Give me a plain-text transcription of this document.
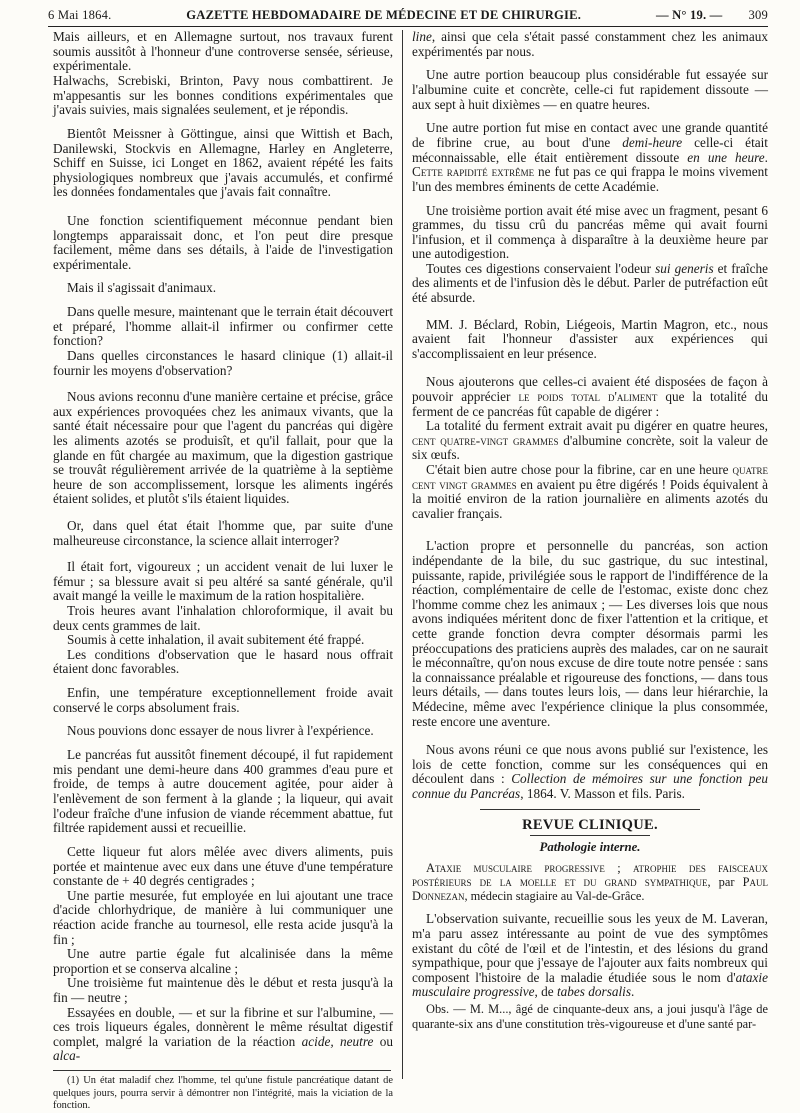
6 Mai 1864.	GAZETTE HEBDOMADAIRE DE MÉDECINE ET DE CHIRURGIE.	— N° 19. — 309

Mais ailleurs, et en Allemagne surtout, nos travaux furent soumis aussitôt à l'honneur d'une controverse sensée, sérieuse, expérimentale.

Halwachs, Screbiski, Brinton, Pavy nous combattirent. Je m'appesantis sur les bonnes conditions expérimentales que j'avais suivies, mais signalées seulement, et je répondis.

Bientôt Meissner à Göttingue, ainsi que Wittish et Bach, Danilewski, Stockvis en Allemagne, Harley en Angleterre, Schiff en Suisse, ici Longet en 1862, avaient répété les faits physiologiques nombreux que j'avais accumulés, et confirmé les données fondamentales que j'avais fait connaître.

Une fonction scientifiquement méconnue pendant bien longtemps apparaissait donc, et l'on peut dire presque facilement, même dans ses détails, à l'aide de l'investigation expérimentale.

Mais il s'agissait d'animaux.

Dans quelle mesure, maintenant que le terrain était découvert et préparé, l'homme allait-il infirmer ou confirmer cette fonction?

Dans quelles circonstances le hasard clinique (1) allait-il fournir les moyens d'observation?

Nous avions reconnu d'une manière certaine et précise, grâce aux expériences provoquées chez les animaux vivants, que la santé était nécessaire pour que l'agent du pancréas qui digère les aliments azotés se produisît, et qu'il fallait, pour que la glande en fût chargée au maximum, que la digestion gastrique se trouvât régulièrement arrivée de la quatrième à la septième heure de son accomplissement, lorsque les aliments ingérés étaient solides, et plutôt s'ils étaient liquides.

Or, dans quel état était l'homme que, par suite d'une malheureuse circonstance, la science allait interroger?

Il était fort, vigoureux ; un accident venait de lui luxer le fémur ; sa blessure avait si peu altéré sa santé générale, qu'il avait mangé la veille le maximum de la ration hospitalière.

Trois heures avant l'inhalation chloroformique, il avait bu deux cents grammes de lait.

Soumis à cette inhalation, il avait subitement été frappé.

Les conditions d'observation que le hasard nous offrait étaient donc favorables.

Enfin, une température exceptionnellement froide avait conservé le corps absolument frais.

Nous pouvions donc essayer de nous livrer à l'expérience.

Le pancréas fut aussitôt finement découpé, il fut rapidement mis pendant une demi-heure dans 400 grammes d'eau pure et froide, de temps à autre doucement agitée, pour aider à l'enlèvement de son ferment à la glande ; la liqueur, qui avait l'odeur fraîche d'une infusion de viande récemment abattue, fut filtrée rapidement aussi et recueillie.

Cette liqueur fut alors mêlée avec divers aliments, puis portée et maintenue avec eux dans une étuve d'une température constante de + 40 degrés centigrades ;

Une partie mesurée, fut employée en lui ajoutant une trace d'acide chlorhydrique, de manière à lui communiquer une réaction acide franche au tournesol, elle resta acide jusqu'à la fin ;

Une autre partie égale fut alcalinisée dans la même proportion et se conserva alcaline ;

Une troisième fut maintenue dès le début et resta jusqu'à la fin — neutre ;

Essayées en double, — et sur la fibrine et sur l'albumine, — ces trois liqueurs égales, donnèrent le même résultat digestif complet, malgré la variation de la réaction acide, neutre ou alca-

(1) Un état maladif chez l'homme, tel qu'une fistule pancréatique datant de quelques jours, pourra servir à démontrer non l'intégrité, mais la viciation de la fonction.

line, ainsi que cela s'était passé constamment chez les animaux expérimentés par nous.

Une autre portion beaucoup plus considérable fut essayée sur l'albumine cuite et concrète, celle-ci fut rapidement dissoute — aux sept à huit dixièmes — en quatre heures.

Une autre portion fut mise en contact avec une grande quantité de fibrine crue, au bout d'une demi-heure celle-ci était méconnaissable, elle était entièrement dissoute en une heure. Cette rapidité extrême ne fut pas ce qui frappa le moins vivement l'un des membres éminents de cette Académie.

Une troisième portion avait été mise avec un fragment, pesant 6 grammes, du tissu crû du pancréas même qui avait fourni l'infusion, et il commença à disparaître à la deuxième heure par une autodigestion.

Toutes ces digestions conservaient l'odeur sui generis et fraîche des aliments et de l'infusion dès le début. Parler de putréfaction eût été absurde.

MM. J. Béclard, Robin, Liégeois, Martin Magron, etc., nous avaient fait l'honneur d'assister aux expériences qui s'accomplissaient en leur présence.

Nous ajouterons que celles-ci avaient été disposées de façon à pouvoir apprécier le poids total d'aliment que la totalité du ferment de ce pancréas fût capable de digérer :

La totalité du ferment extrait avait pu digérer en quatre heures, cent quatre-vingt grammes d'albumine concrète, soit la valeur de six œufs.

C'était bien autre chose pour la fibrine, car en une heure quatre cent vingt grammes en avaient pu être digérés ! Poids équivalent à la moitié environ de la ration journalière en aliments azotés du cavalier français.

L'action propre et personnelle du pancréas, son action indépendante de la bile, du suc gastrique, du suc intestinal, puissante, rapide, privilégiée sous le rapport de l'indifférence de la réaction, complémentaire de celle de l'estomac, existe donc chez l'homme comme chez les animaux ; — Les diverses lois que nous avons indiquées méritent donc de fixer l'attention et la critique, et cette grande fonction devra compter désormais parmi les préoccupations des praticiens auprès des malades, car on ne saurait le méconnaître, qu'on nous excuse de dire toute notre pensée : sans la connaissance préalable et rigoureuse des fonctions, — dans tous leurs détails, — dans toutes leurs lois, — dans leur hiérarchie, la Médecine, même avec l'expérience clinique la plus consommée, reste encore une aventure.

Nous avons réuni ce que nous avons publié sur l'existence, les lois de cette fonction, comme sur les conséquences qui en découlent dans : Collection de mémoires sur une fonction peu connue du Pancréas, 1864. V. Masson et fils. Paris.

REVUE CLINIQUE.
Pathologie interne.

Ataxie musculaire progressive ; atrophie des faisceaux postérieurs de la moelle et du grand sympathique, par Paul Donnezan, médecin stagiaire au Val-de-Grâce.

L'observation suivante, recueillie sous les yeux de M. Laveran, m'a paru assez intéressante au point de vue des symptômes existant du côté de l'œil et de l'intestin, et des lésions du grand sympathique, pour que j'essaye de l'ajouter aux faits nombreux qui composent l'histoire de la maladie étudiée sous le nom d'ataxie musculaire progressive, de tabes dorsalis.

Obs. — M. M..., âgé de cinquante-deux ans, a joui jusqu'à l'âge de quarante-six ans d'une constitution très-vigoureuse et d'une santé par-
